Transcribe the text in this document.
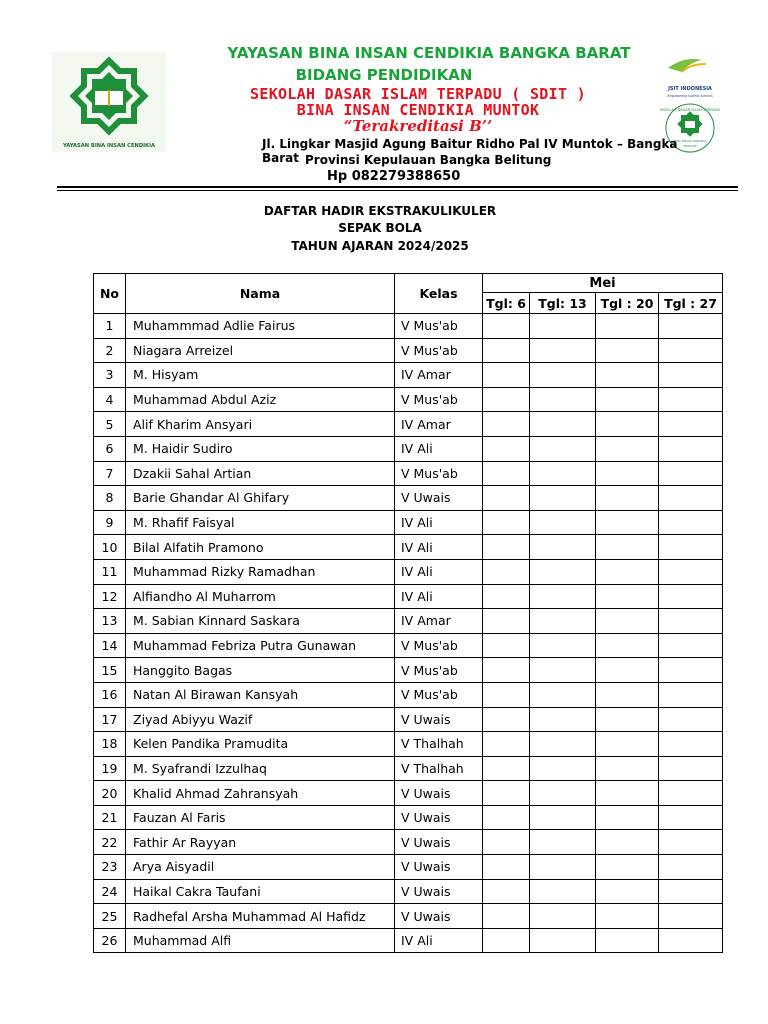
YAYASAN BINA INSAN CENDIKIA
JSIT INDONESIA
Empowering Islamic Schools
SEKOLAH DASAR ISLAM TERPADU
BINA INSAN CENDIKIA
MUNTOK
YAYASAN BINA INSAN CENDIKIA BANGKA BARAT
BIDANG PENDIDIKAN
SEKOLAH DASAR ISLAM TERPADU ( SDIT )
BINA INSAN CENDIKIA MUNTOK
“Terakreditasi B’’
Jl. Lingkar Masjid Agung Baitur Ridho Pal IV Muntok – Bangka Barat Provinsi Kepulauan Bangka Belitung
Hp 082279388650
DAFTAR HADIR EKSTRAKULIKULER
SEPAK BOLA
TAHUN AJARAN 2024/2025
No	Nama	Kelas	Mei			
			Tgl: 6	Tgl: 13	Tgl : 20	Tgl : 27
1	Muhammmad Adlie Fairus	V Mus'ab				
2	Niagara Arreizel	V Mus'ab				
3	M. Hisyam	IV Amar				
4	Muhammad Abdul Aziz	V Mus'ab				
5	Alif Kharim Ansyari	IV Amar				
6	M. Haidir Sudiro	IV Ali				
7	Dzakii Sahal Artian	V Mus'ab				
8	Barie Ghandar Al Ghifary	V Uwais				
9	M. Rhafif Faisyal	IV Ali				
10	Bilal Alfatih Pramono	IV Ali				
11	Muhammad Rizky Ramadhan	IV Ali				
12	Alfiandho Al Muharrom	IV Ali				
13	M. Sabian Kinnard Saskara	IV Amar				
14	Muhammad Febriza Putra Gunawan	V Mus'ab				
15	Hanggito Bagas	V Mus'ab				
16	Natan Al Birawan Kansyah	V Mus'ab				
17	Ziyad Abiyyu Wazif	V Uwais				
18	Kelen Pandika Pramudita	V Thalhah				
19	M. Syafrandi Izzulhaq	V Thalhah				
20	Khalid Ahmad Zahransyah	V Uwais				
21	Fauzan Al Faris	V Uwais				
22	Fathir Ar Rayyan	V Uwais				
23	Arya Aisyadil	V Uwais				
24	Haikal Cakra Taufani	V Uwais				
25	Radhefal Arsha Muhammad Al Hafidz	V Uwais				
26	Muhammad Alfi	IV Ali				
